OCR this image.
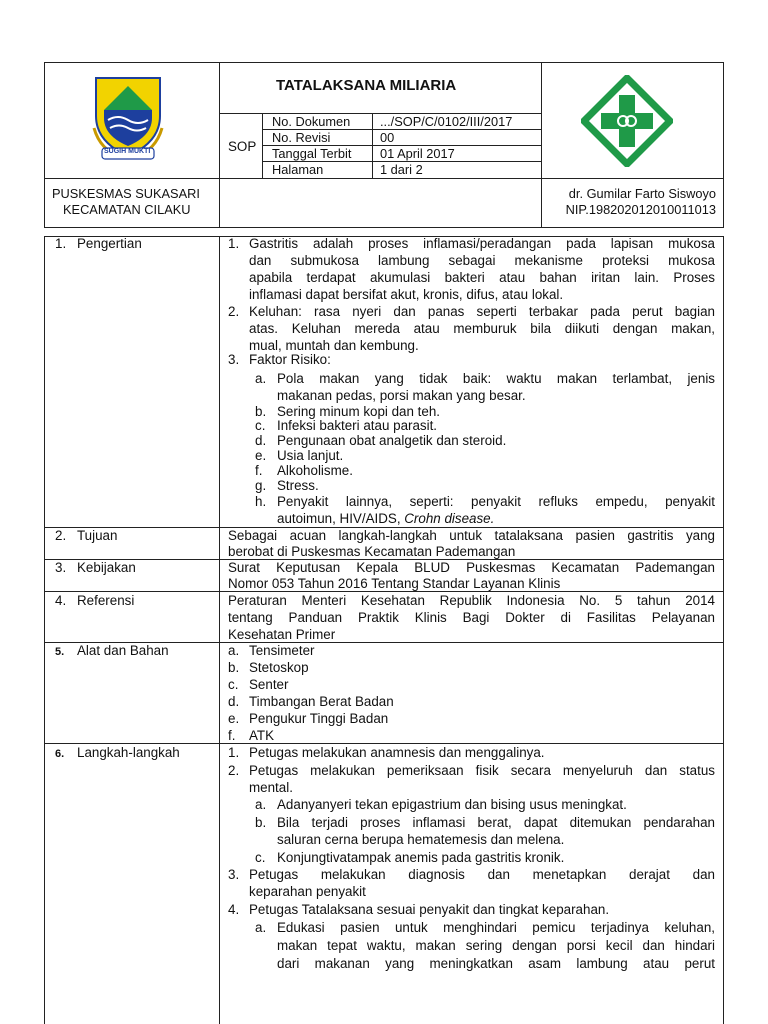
SUGIH MUKTI
TATALAKSANA MILIARIA
SOP
No. Dokumen .../SOP/C/0102/III/2017
No. Revisi	00
Tanggal Terbit 01 April 2017
Halaman	1 dari 2
PUSKESMAS SUKASARI
KECAMATAN CILAKU
dr. Gumilar Farto Siswoyo
NIP.198202012010011013
1. Pengertian	1. Gastritis adalah proses inflamasi/peradangan pada lapisan mukosa
dan submukosa lambung sebagai mekanisme proteksi mukosa
apabila terdapat akumulasi bakteri atau bahan iritan lain. Proses
inflamasi dapat bersifat akut, kronis, difus, atau lokal.
2. Keluhan: rasa nyeri dan panas seperti terbakar pada perut bagian
atas. Keluhan mereda atau memburuk bila diikuti dengan makan,
mual, muntah dan kembung.
3. Faktor Risiko:
a. Pola makan yang tidak baik: waktu makan terlambat, jenis
makanan pedas, porsi makan yang besar.
b. Sering minum kopi dan teh.
c. Infeksi bakteri atau parasit.
d. Pengunaan obat analgetik dan steroid.
e. Usia lanjut.
f. Alkoholisme.
g. Stress.
h. Penyakit lainnya, seperti: penyakit refluks empedu, penyakit
autoimun, HIV/AIDS, Crohn disease.
2. Tujuan	Sebagai acuan langkah-langkah untuk tatalaksana pasien gastritis yang
berobat di Puskesmas Kecamatan Pademangan
3. Kebijakan	Surat Keputusan Kepala BLUD Puskesmas Kecamatan Pademangan
Nomor 053 Tahun 2016 Tentang Standar Layanan Klinis
4. Referensi	Peraturan Menteri Kesehatan Republik Indonesia No. 5 tahun 2014
tentang Panduan Praktik Klinis Bagi Dokter di Fasilitas Pelayanan
Kesehatan Primer
5. Alat dan Bahan	a. Tensimeter
b. Stetoskop
c. Senter
d. Timbangan Berat Badan
e. Pengukur Tinggi Badan
f. ATK
6. Langkah-langkah	1. Petugas melakukan anamnesis dan menggalinya.
2. Petugas melakukan pemeriksaan fisik secara menyeluruh dan status
mental.
a. Adanyanyeri tekan epigastrium dan bising usus meningkat.
b. Bila terjadi proses inflamasi berat, dapat ditemukan pendarahan
saluran cerna berupa hematemesis dan melena.
c. Konjungtivatampak anemis pada gastritis kronik.
3. Petugas melakukan diagnosis dan menetapkan derajat dan
keparahan penyakit
4. Petugas Tatalaksana sesuai penyakit dan tingkat keparahan.
a. Edukasi pasien untuk menghindari pemicu terjadinya keluhan,
makan tepat waktu, makan sering dengan porsi kecil dan hindari
dari makanan yang meningkatkan asam lambung atau perut
